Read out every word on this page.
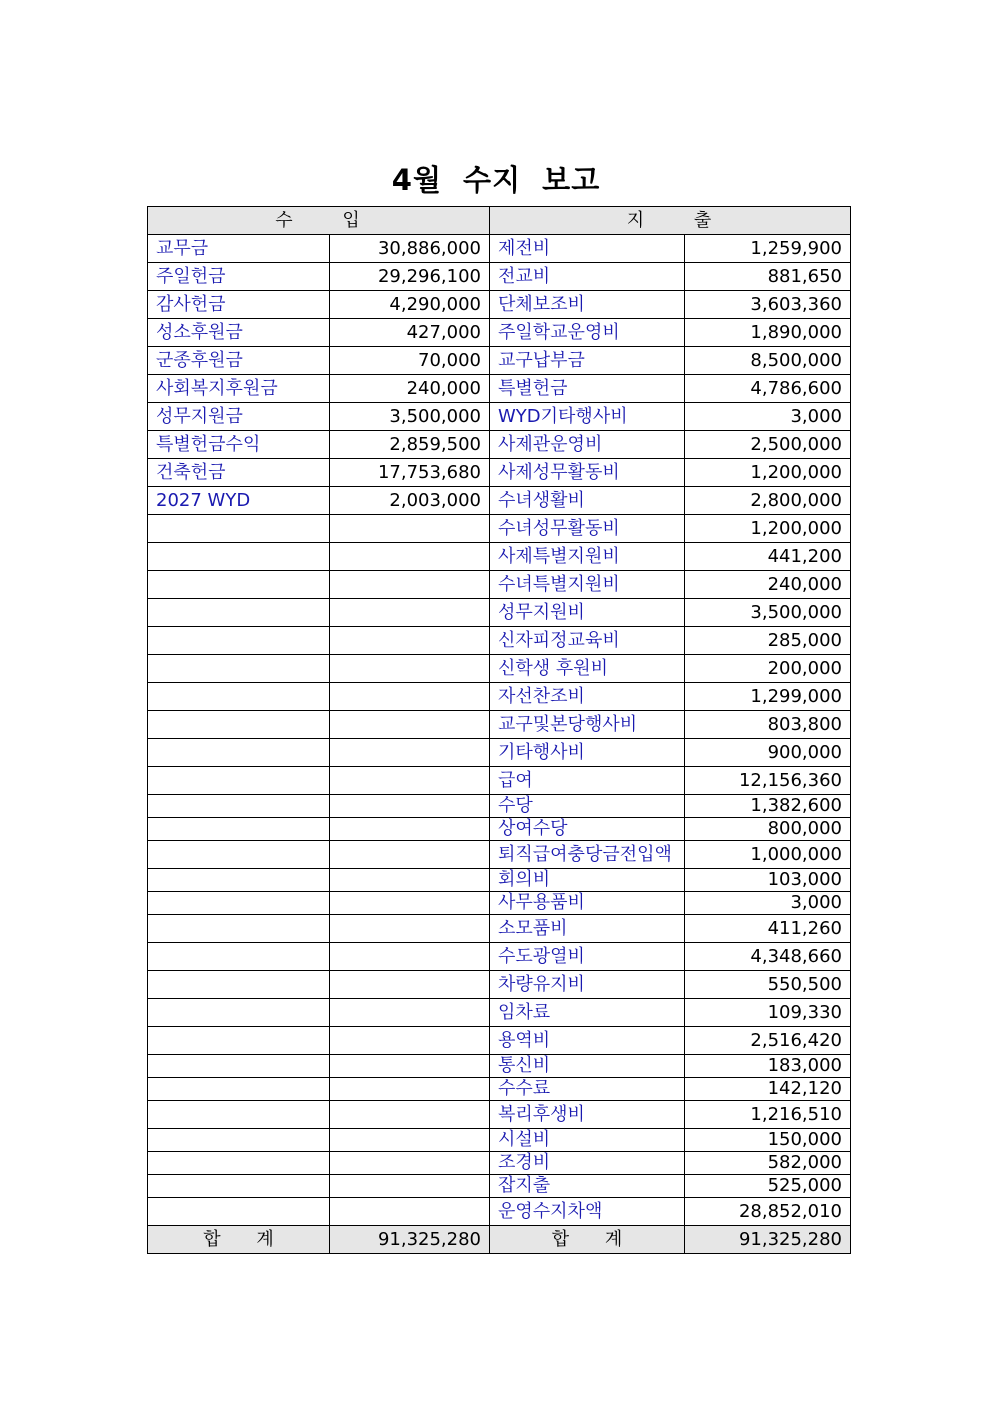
4월 수지 보고
수 입		지 출	
교무금	30,886,000	제전비	1,259,900
주일헌금	29,296,100	전교비	881,650
감사헌금	4,290,000	단체보조비	3,603,360
성소후원금	427,000	주일학교운영비	1,890,000
군종후원금	70,000	교구납부금	8,500,000
사회복지후원금	240,000	특별헌금	4,786,600
성무지원금	3,500,000	WYD기타행사비	3,000
특별헌금수익	2,859,500	사제관운영비	2,500,000
건축헌금	17,753,680	사제성무활동비	1,200,000
2027 WYD	2,003,000	수녀생활비	2,800,000
		수녀성무활동비	1,200,000
		사제특별지원비	441,200
		수녀특별지원비	240,000
		성무지원비	3,500,000
		신자피정교육비	285,000
		신학생 후원비	200,000
		자선찬조비	1,299,000
		교구및본당행사비	803,800
		기타행사비	900,000
		급여	12,156,360
		수당	1,382,600
		상여수당	800,000
		퇴직급여충당금전입액	1,000,000
		회의비	103,000
		사무용품비	3,000
		소모품비	411,260
		수도광열비	4,348,660
		차량유지비	550,500
		임차료	109,330
		용역비	2,516,420
		통신비	183,000
		수수료	142,120
		복리후생비	1,216,510
		시설비	150,000
		조경비	582,000
		잡지출	525,000
		운영수지차액	28,852,010
합 계	91,325,280	합 계	91,325,280
